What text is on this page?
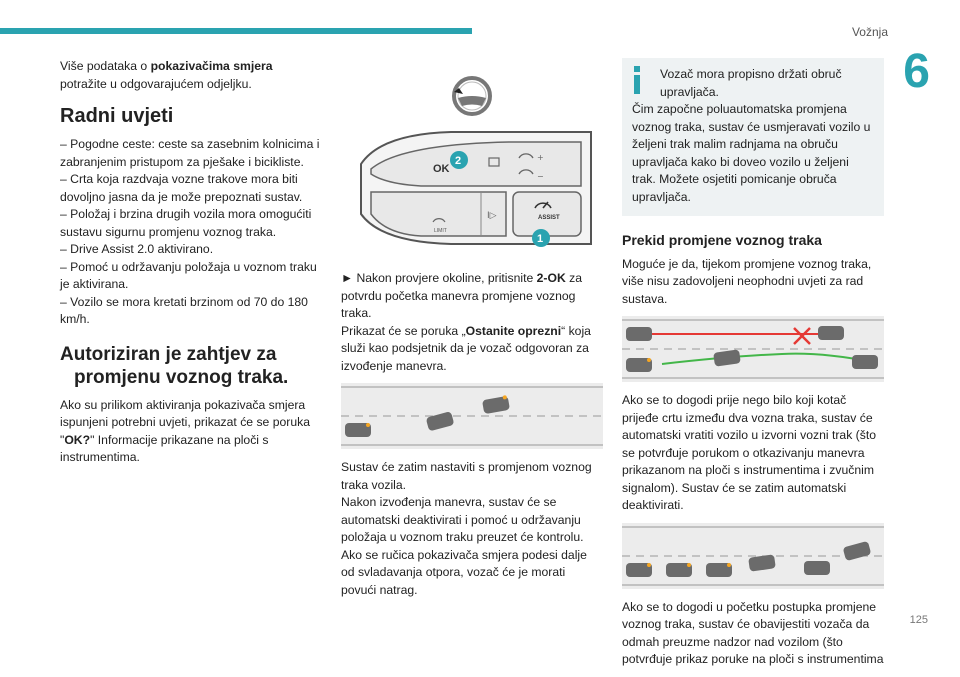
Vožnja
6
125

Više podataka o pokazivačima smjera potražite u odgovarajućem odjeljku.

Radni uvjeti
– Pogodne ceste: ceste sa zasebnim kolnicima i zabranjenim pristupom za pješake i bicikliste.
– Crta koja razdvaja vozne trakove mora biti dovoljno jasna da je može prepoznati sustav.
– Položaj i brzina drugih vozila mora omogućiti sustavu sigurnu promjenu voznog traka.
– Drive Assist 2.0 aktivirano.
– Pomoć u održavanju položaja u voznom traku je aktivirana.
– Vozilo se mora kretati brzinom od 70 do 180 km/h.
Autoriziran je zahtjev za
promjenu voznog traka.

Ako su prilikom aktiviranja pokazivača smjera ispunjeni potrebni uvjeti, prikazat će se poruka "OK?" Informacije prikazane na ploči s instrumentima.

OK
ASSIST
LIMIT
+
−
I▷
2
1

► Nakon provjere okoline, pritisnite 2-OK za potvrdu početka manevra promjene voznog traka.
Prikazat će se poruka „Ostanite oprezni“ koja služi kao podsjetnik da je vozač odgovoran za izvođenje manevra.

Sustav će zatim nastaviti s promjenom voznog traka vozila.
Nakon izvođenja manevra, sustav će se automatski deaktivirati i pomoć u održavanju položaja u voznom traku preuzet će kontrolu.
Ako se ručica pokazivača smjera podesi dalje od svladavanja otpora, vozač će je morati povući natrag.

Vozač mora propisno držati obruč upravljača.
Čim započne poluautomatska promjena voznog traka, sustav će usmjeravati vozilo u željeni trak malim radnjama na obruču upravljača kako bi doveo vozilo u željeni trak. Možete osjetiti pomicanje obruča upravljača.
Prekid promjene voznog traka

Moguće je da, tijekom promjene voznog traka, više nisu zadovoljeni neophodni uvjeti za rad sustava.

Ako se to dogodi prije nego bilo koji kotač prijeđe crtu između dva vozna traka, sustav će automatski vratiti vozilo u izvorni vozni trak (što se potvrđuje porukom o otkazivanju manevra prikazanom na ploči s instrumentima i zvučnim signalom). Sustav će se zatim automatski deaktivirati.

Ako se to dogodi u početku postupka promjene voznog traka, sustav će obavijestiti vozača da odmah preuzme nadzor nad vozilom (što potvrđuje prikaz poruke na ploči s instrumentima
